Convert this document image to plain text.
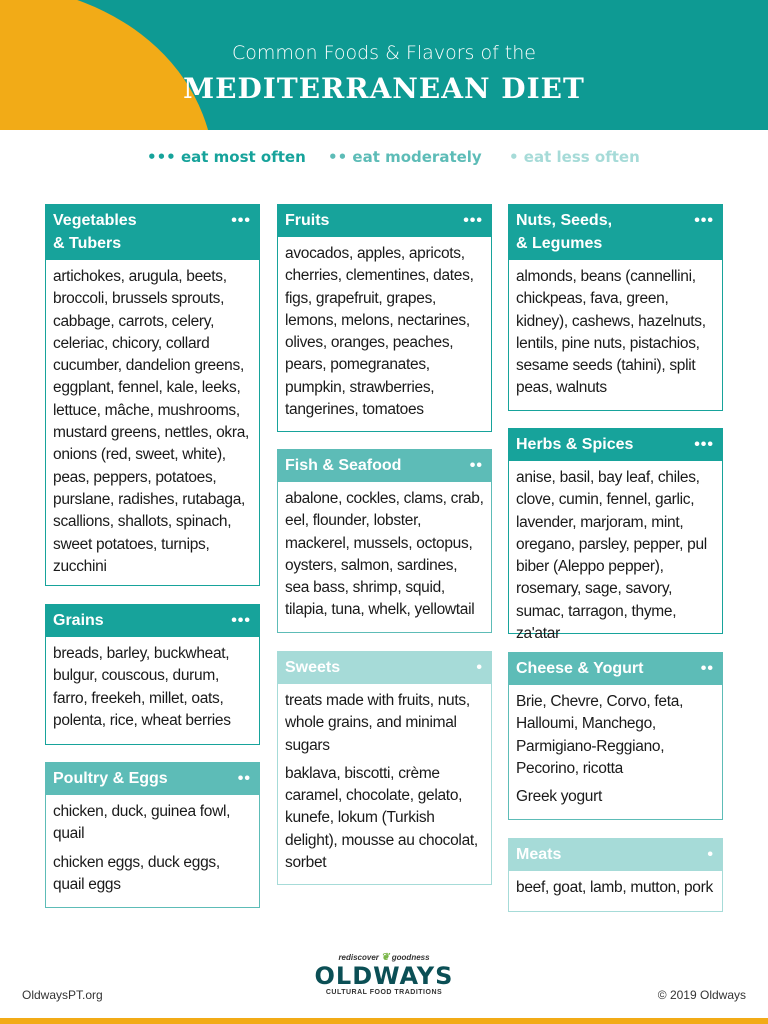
Common Foods & Flavors of the
MEDITERRANEAN DIET
••• eat most often •• eat moderately • eat less often
Vegetables
& Tubers
•••

artichokes, arugula, beets, broccoli, brussels sprouts, cabbage, carrots, celery, celeriac, chicory, collard cucumber, dandelion greens, eggplant, fennel, kale, leeks, lettuce, mâche, mushrooms, mustard greens, nettles, okra, onions (red, sweet, white), peas, peppers, potatoes, purslane, radishes, rutabaga, scallions, shallots, spinach, sweet potatoes, turnips, zucchini

Grains	•••

breads, barley, buckwheat, bulgur, couscous, durum, farro, freekeh, millet, oats, polenta, rice, wheat berries

Poultry & Eggs	••

chicken, duck, guinea fowl, quail

chicken eggs, duck eggs, quail eggs

Fruits	•••

avocados, apples, apricots, cherries, clementines, dates, figs, grapefruit, grapes, lemons, melons, nectarines, olives, oranges, peaches, pears, pomegranates, pumpkin, strawberries, tangerines, tomatoes

Fish & Seafood	••

abalone, cockles, clams, crab, eel, flounder, lobster, mackerel, mussels, octopus, oysters, salmon, sardines, sea bass, shrimp, squid, tilapia, tuna, whelk, yellowtail

Sweets	•

treats made with fruits, nuts, whole grains, and minimal sugars

baklava, biscotti, crème caramel, chocolate, gelato, kunefe, lokum (Turkish delight), mousse au chocolat, sorbet

Nuts, Seeds,
& Legumes
•••

almonds, beans (cannellini, chickpeas, fava, green, kidney), cashews, hazelnuts, lentils, pine nuts, pistachios, sesame seeds (tahini), split peas, walnuts

Herbs & Spices	•••

anise, basil, bay leaf, chiles, clove, cumin, fennel, garlic, lavender, marjoram, mint, oregano, parsley, pepper, pul biber (Aleppo pepper), rosemary, sage, savory, sumac, tarragon, thyme, za'atar

Cheese & Yogurt	••

Brie, Chevre, Corvo, feta, Halloumi, Manchego, Parmigiano-Reggiano, Pecorino, ricotta

Greek yogurt

Meats	•

beef, goat, lamb, mutton, pork

OldwaysPT.org
rediscover ❦ goodness
OLDWAYS
CULTURAL FOOD TRADITIONS	© 2019 Oldways
